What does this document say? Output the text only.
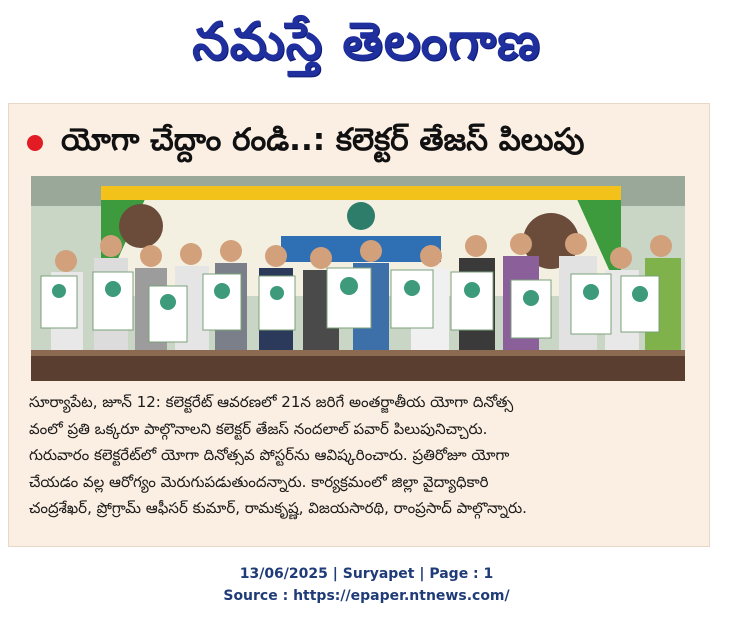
నమస్తే తెలంగాణ
యోగా చేద్దాం రండి..: కలెక్టర్ తేజస్ పిలుపు

సూర్యాపేట, జూన్ 12: కలెక్టరేట్ ఆవరణలో 21న జరిగే అంతర్జాతీయ యోగా దినోత్స

వంలో ప్రతి ఒక్కరూ పాల్గొనాలని కలెక్టర్ తేజస్ నందలాల్ పవార్ పిలుపునిచ్చారు.

గురువారం కలెక్టరేట్‌లో యోగా దినోత్సవ పోస్టర్‌ను ఆవిష్కరించారు. ప్రతిరోజూ యోగా

చేయడం వల్ల ఆరోగ్యం మెరుగుపడుతుందన్నారు. కార్యక్రమంలో జిల్లా వైద్యాధికారి

చంద్రశేఖర్, ప్రోగ్రామ్ ఆఫీసర్ కుమార్, రామకృష్ణ, విజయసారథి, రాంప్రసాద్ పాల్గొన్నారు.

13/06/2025 | Suryapet | Page : 1
Source : https://epaper.ntnews.com/
